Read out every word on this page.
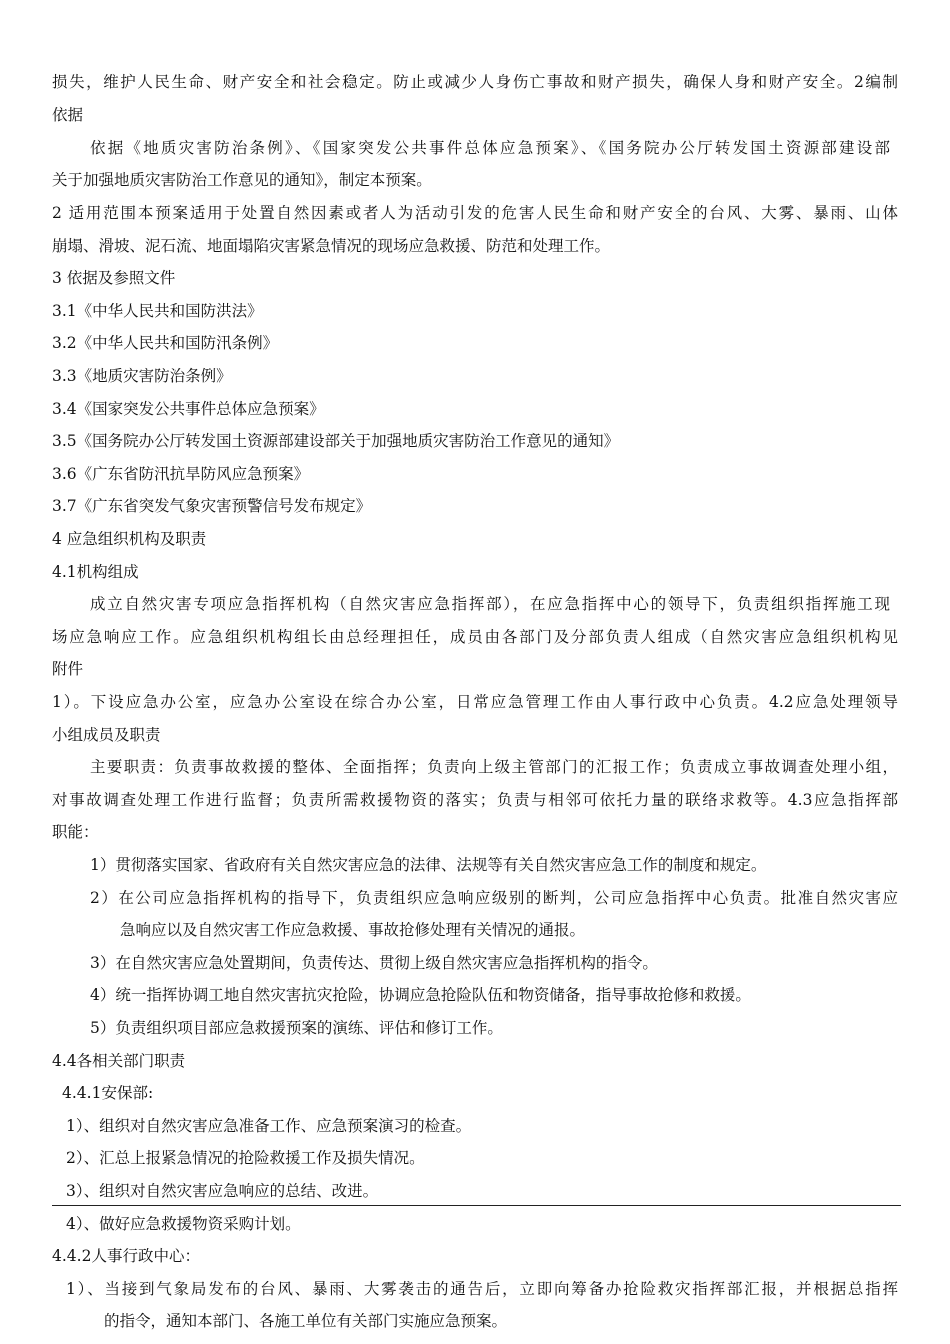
损失，维护人民生命、财产安全和社会稳定。防止或减少人身伤亡事故和财产损失，确保人身和财产安全。2编制
依据
依据《地质灾害防治条例》、《国家突发公共事件总体应急预案》、《国务院办公厅转发国土资源部建设部
关于加强地质灾害防治工作意见的通知》，制定本预案。
2 适用范围本预案适用于处置自然因素或者人为活动引发的危害人民生命和财产安全的台风、大雾、暴雨、山体
崩塌、滑坡、泥石流、地面塌陷灾害紧急情况的现场应急救援、防范和处理工作。
3 依据及参照文件
3.1《中华人民共和国防洪法》
3.2《中华人民共和国防汛条例》
3.3《地质灾害防治条例》
3.4《国家突发公共事件总体应急预案》
3.5《国务院办公厅转发国土资源部建设部关于加强地质灾害防治工作意见的通知》
3.6《广东省防汛抗旱防风应急预案》
3.7《广东省突发气象灾害预警信号发布规定》
4 应急组织机构及职责
4.1机构组成
成立自然灾害专项应急指挥机构（自然灾害应急指挥部），在应急指挥中心的领导下，负责组织指挥施工现
场应急响应工作。应急组织机构组长由总经理担任，成员由各部门及分部负责人组成（自然灾害应急组织机构见
附件
1）。下设应急办公室，应急办公室设在综合办公室，日常应急管理工作由人事行政中心负责。4.2应急处理领导
小组成员及职责
主要职责：负责事故救援的整体、全面指挥；负责向上级主管部门的汇报工作；负责成立事故调查处理小组，
对事故调查处理工作进行监督；负责所需救援物资的落实；负责与相邻可依托力量的联络求救等。4.3应急指挥部
职能：
1）贯彻落实国家、省政府有关自然灾害应急的法律、法规等有关自然灾害应急工作的制度和规定。
2）在公司应急指挥机构的指导下，负责组织应急响应级别的断判，公司应急指挥中心负责。批准自然灾害应
急响应以及自然灾害工作应急救援、事故抢修处理有关情况的通报。
3）在自然灾害应急处置期间，负责传达、贯彻上级自然灾害应急指挥机构的指令。
4）统一指挥协调工地自然灾害抗灾抢险，协调应急抢险队伍和物资储备，指导事故抢修和救援。
5）负责组织项目部应急救援预案的演练、评估和修订工作。
4.4各相关部门职责
4.4.1安保部:
1）、组织对自然灾害应急准备工作、应急预案演习的检查。
2）、汇总上报紧急情况的抢险救援工作及损失情况。
3）、组织对自然灾害应急响应的总结、改进。
4）、做好应急救援物资采购计划。
4.4.2人事行政中心：
1）、当接到气象局发布的台风、暴雨、大雾袭击的通告后，立即向筹备办抢险救灾指挥部汇报，并根据总指挥
的指令，通知本部门、各施工单位有关部门实施应急预案。
